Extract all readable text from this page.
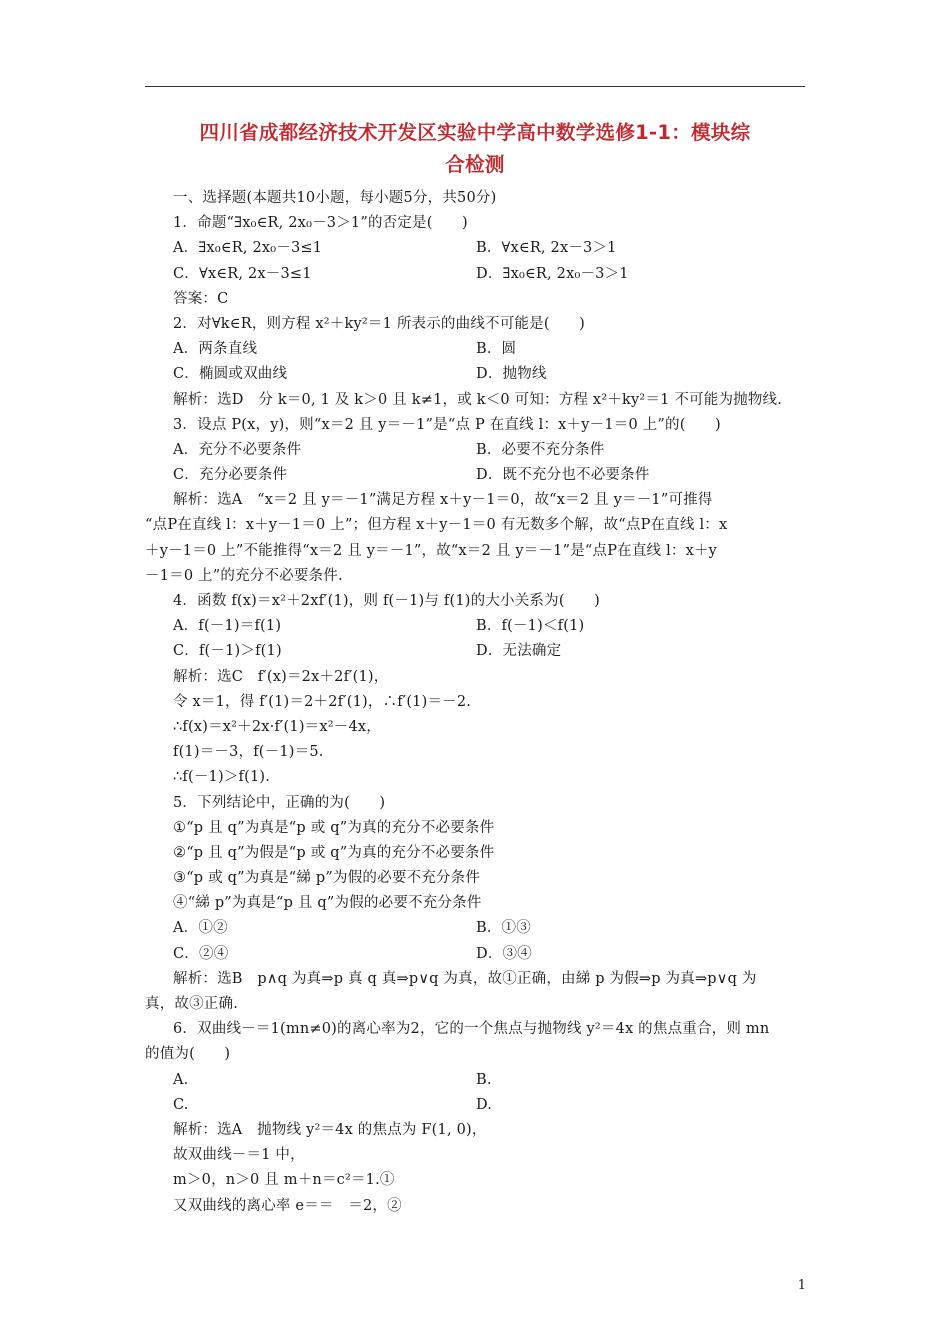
四川省成都经济技术开发区实验中学高中数学选修1-1：模块综
合检测
一、选择题(本题共10小题，每小题5分，共50分)
1．命题“∃x₀∈R, 2x₀－3＞1”的否定是(　　)
A．∃x₀∈R, 2x₀－3≤1	B．∀x∈R, 2x－3＞1
C．∀x∈R, 2x－3≤1	D．∃x₀∈R, 2x₀－3＞1
答案：C
2．对∀k∈R，则方程 x²＋ky²＝1 所表示的曲线不可能是(　　)
A．两条直线	B．圆
C．椭圆或双曲线	D．抛物线
解析：选D　分 k＝0, 1 及 k＞0 且 k≠1，或 k＜0 可知：方程 x²＋ky²＝1 不可能为抛物线.
3．设点 P(x，y)，则“x＝2 且 y＝－1”是“点 P 在直线 l：x＋y－1＝0 上”的(　　)
A．充分不必要条件	B．必要不充分条件
C．充分必要条件	D．既不充分也不必要条件
解析：选A　“x＝2 且 y＝－1”满足方程 x＋y－1＝0，故“x＝2 且 y＝－1”可推得
“点P在直线 l：x＋y－1＝0 上”；但方程 x＋y－1＝0 有无数多个解，故“点P在直线 l：x
＋y－1＝0 上”不能推得“x＝2 且 y＝－1”，故“x＝2 且 y＝－1”是“点P在直线 l：x＋y
－1＝0 上”的充分不必要条件.
4．函数 f(x)＝x²＋2xf′(1)，则 f(－1)与 f(1)的大小关系为(　　)
A．f(－1)＝f(1)	B．f(－1)＜f(1)
C．f(－1)＞f(1)	D．无法确定
解析：选C　f′(x)＝2x＋2f′(1)，
令 x＝1，得 f′(1)＝2＋2f′(1)，∴f′(1)＝－2.
∴f(x)＝x²＋2x·f′(1)＝x²－4x，
f(1)＝－3，f(－1)＝5.
∴f(－1)＞f(1).
5．下列结论中，正确的为(　　)
①“p 且 q”为真是“p 或 q”为真的充分不必要条件
②“p 且 q”为假是“p 或 q”为真的充分不必要条件
③“p 或 q”为真是“綈 p”为假的必要不充分条件
④“綈 p”为真是“p 且 q”为假的必要不充分条件
A．①②	B．①③
C．②④	D．③④
解析：选B　p∧q 为真⇒p 真 q 真⇒p∨q 为真，故①正确，由綈 p 为假⇒p 为真⇒p∨q 为
真，故③正确.
6．双曲线－＝1(mn≠0)的离心率为2，它的一个焦点与抛物线 y²＝4x 的焦点重合，则 mn
的值为(　　)
A.	B.
C.	D.
解析：选A　抛物线 y²＝4x 的焦点为 F(1, 0)，
故双曲线－＝1 中，
m＞0，n＞0 且 m＋n＝c²＝1.①
又双曲线的离心率 e＝＝　＝2，②
1
